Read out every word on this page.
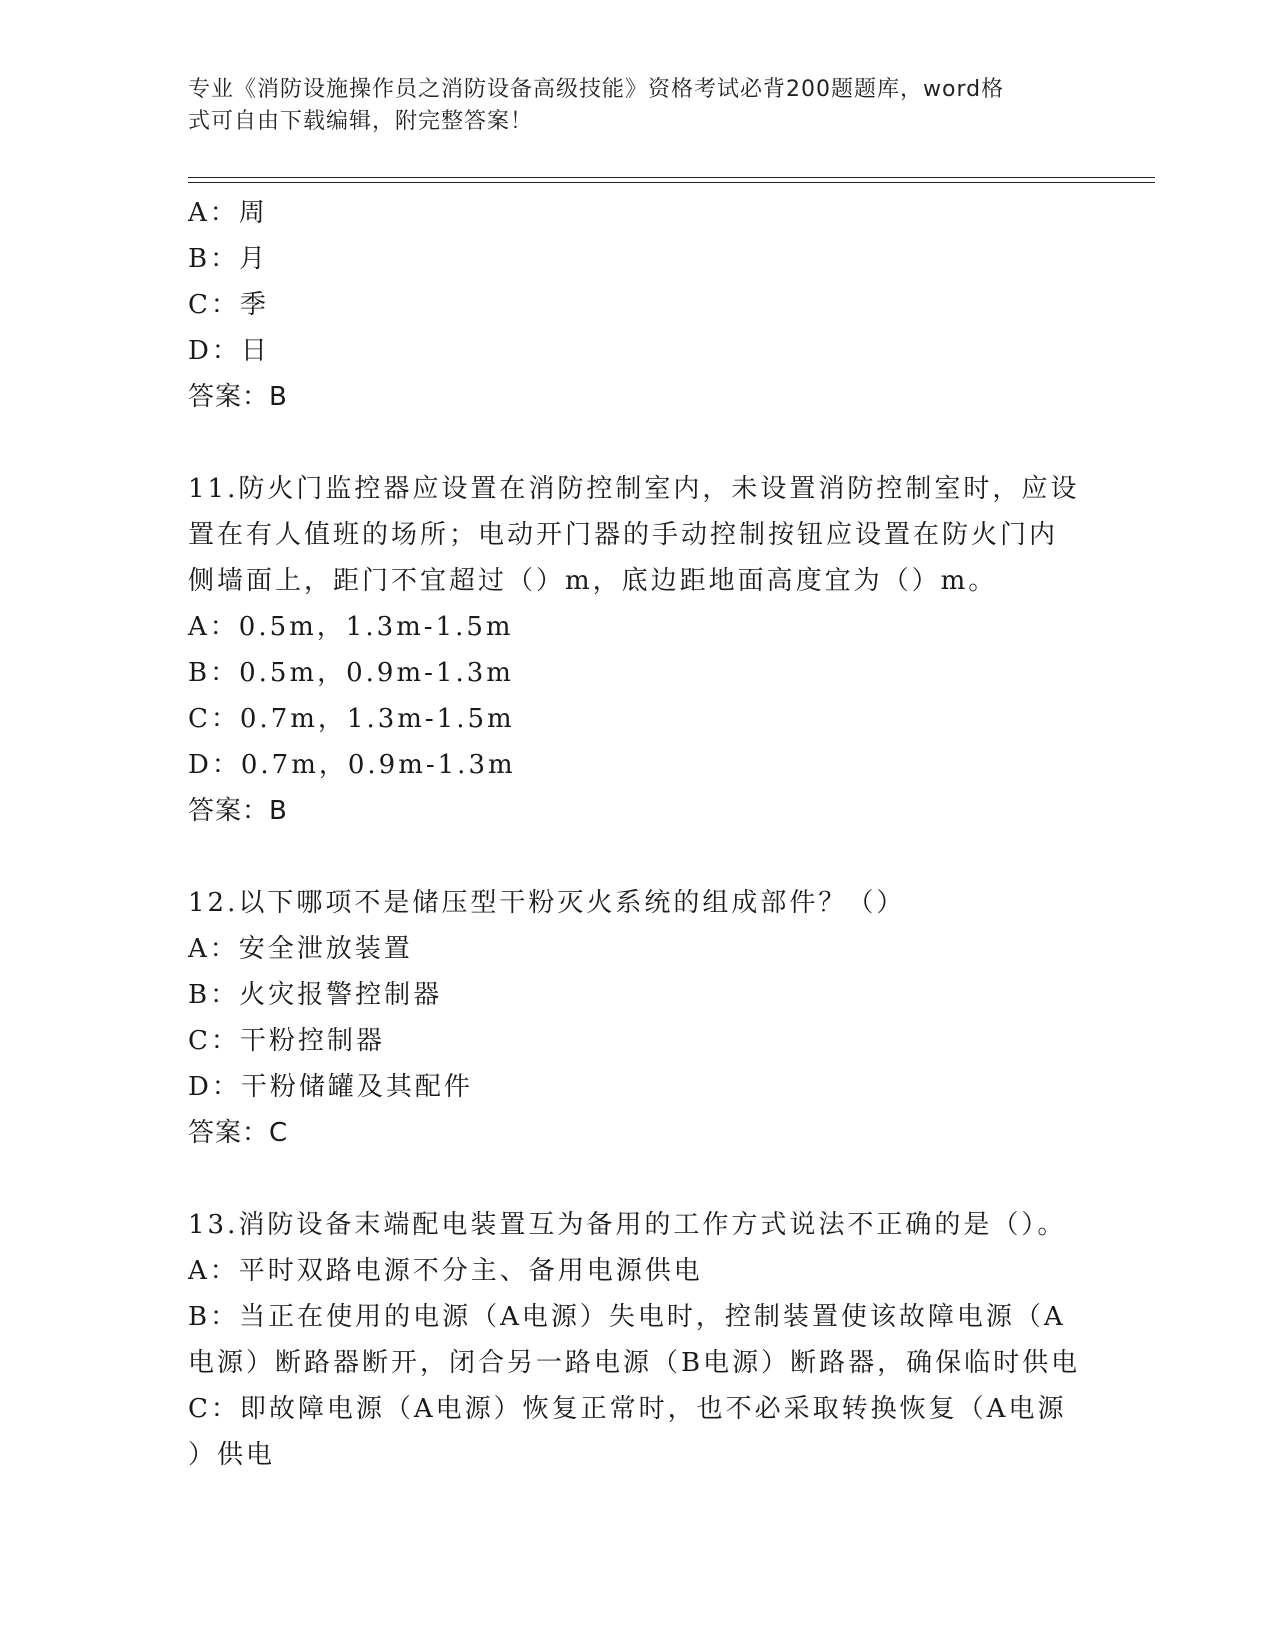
专业《消防设施操作员之消防设备高级技能》资格考试必背200题题库，word格
式可自由下载编辑，附完整答案！
A：周
B：月
C：季
D：日
答案：B
11.防火门监控器应设置在消防控制室内，未设置消防控制室时，应设
置在有人值班的场所；电动开门器的手动控制按钮应设置在防火门内
侧墙面上，距门不宜超过（）m，底边距地面高度宜为（）m。
A：0.5m，1.3m-1.5m
B：0.5m，0.9m-1.3m
C：0.7m，1.3m-1.5m
D：0.7m，0.9m-1.3m
答案：B
12.以下哪项不是储压型干粉灭火系统的组成部件？（）
A：安全泄放装置
B：火灾报警控制器
C：干粉控制器
D：干粉储罐及其配件
答案：C
13.消防设备末端配电装置互为备用的工作方式说法不正确的是（）。
A：平时双路电源不分主、备用电源供电
B：当正在使用的电源（A电源）失电时，控制装置使该故障电源（A
电源）断路器断开，闭合另一路电源（B电源）断路器，确保临时供电
C：即故障电源（A电源）恢复正常时，也不必采取转换恢复（A电源
）供电
